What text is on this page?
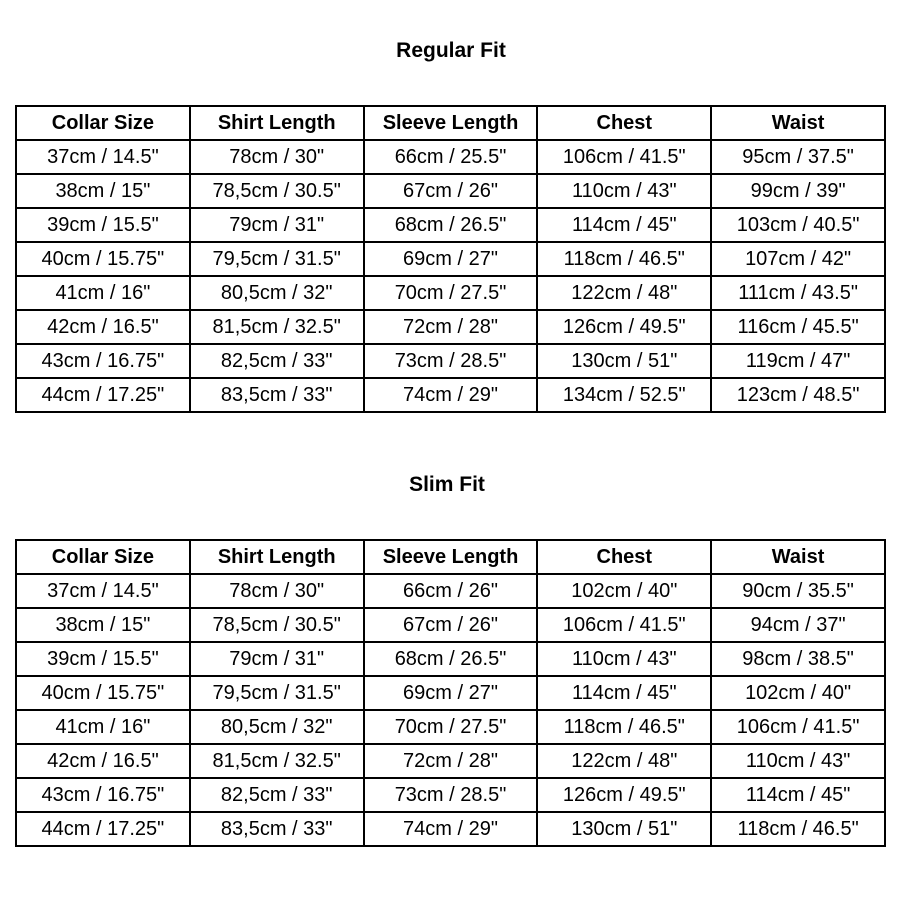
Regular Fit
Collar Size	Shirt Length	Sleeve Length	Chest	Waist
37cm / 14.5"	78cm / 30"	66cm / 25.5"	106cm / 41.5"	95cm / 37.5"
38cm / 15"	78,5cm / 30.5"	67cm / 26"	110cm / 43"	99cm / 39"
39cm / 15.5"	79cm / 31"	68cm / 26.5"	114cm / 45"	103cm / 40.5"
40cm / 15.75"	79,5cm / 31.5"	69cm / 27"	118cm / 46.5"	107cm / 42"
41cm / 16"	80,5cm / 32"	70cm / 27.5"	122cm / 48"	111cm / 43.5"
42cm / 16.5"	81,5cm / 32.5"	72cm / 28"	126cm / 49.5"	116cm / 45.5"
43cm / 16.75"	82,5cm / 33"	73cm / 28.5"	130cm / 51"	119cm / 47"
44cm / 17.25"	83,5cm / 33"	74cm / 29"	134cm / 52.5"	123cm / 48.5"
Slim Fit
Collar Size	Shirt Length	Sleeve Length	Chest	Waist
37cm / 14.5"	78cm / 30"	66cm / 26"	102cm / 40"	90cm / 35.5"
38cm / 15"	78,5cm / 30.5"	67cm / 26"	106cm / 41.5"	94cm / 37"
39cm / 15.5"	79cm / 31"	68cm / 26.5"	110cm / 43"	98cm / 38.5"
40cm / 15.75"	79,5cm / 31.5"	69cm / 27"	114cm / 45"	102cm / 40"
41cm / 16"	80,5cm / 32"	70cm / 27.5"	118cm / 46.5"	106cm / 41.5"
42cm / 16.5"	81,5cm / 32.5"	72cm / 28"	122cm / 48"	110cm / 43"
43cm / 16.75"	82,5cm / 33"	73cm / 28.5"	126cm / 49.5"	114cm / 45"
44cm / 17.25"	83,5cm / 33"	74cm / 29"	130cm / 51"	118cm / 46.5"
